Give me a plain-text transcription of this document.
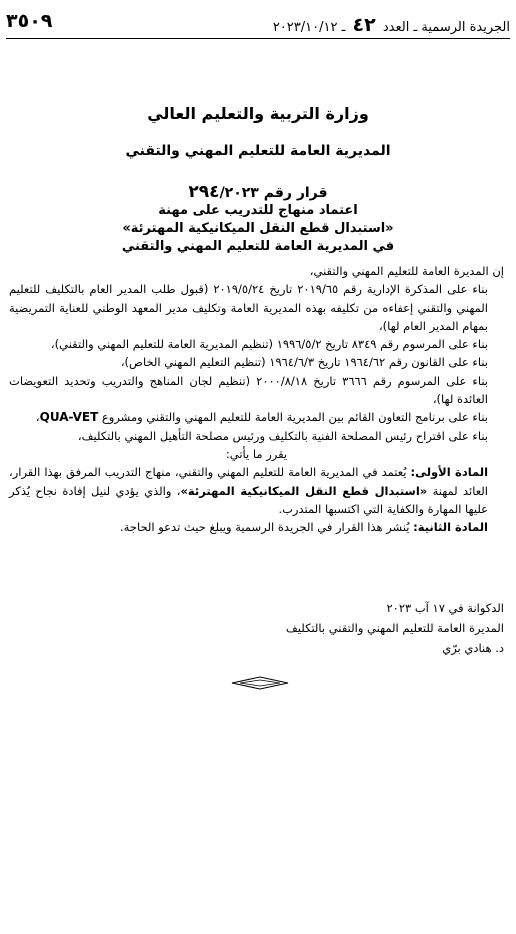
٣٥٠٩	الجريدة الرسمية ـ العدد ٤٢ ـ ٢٠٢٣/١٠/١٢
وزارة التربية والتعليم العالي
المديرية العامة للتعليم المهني والتقني
قرار رقم ٢٩٤/٢٠٢٣
اعتماد منهاج للتدريب على مهنة
«استبدال قطع النقل الميكانيكية المهترئة»
في المديرية العامة للتعليم المهني والتقني

إن المديرة العامة للتعليم المهني والتقني،

بناء على المذكرة الإدارية رقم ٢٠١٩/٦٥ تاريخ ٢٠١٩/٥/٢٤ (قبول طلب المدير العام بالتكليف للتعليم المهني والتقني إعفاءه من تكليفه بهذه المديرية العامة وتكليف مدير المعهد الوطني للعناية التمريضية بمهام المدير العام لها)،

بناء على المرسوم رقم ٨٣٤٩ تاريخ ١٩٩٦/٥/٢ (تنظيم المديرية العامة للتعليم المهني والتقني)،

بناء على القانون رقم ١٩٦٤/٦٢ تاريخ ١٩٦٤/٦/٣ (تنظيم التعليم المهني الخاص)،

بناء على المرسوم رقم ٣٦٦٦ تاريخ ٢٠٠٠/٨/١٨ (تنظيم لجان المناهج والتدريب وتحديد التعويضات العائدة لها)،

بناء على برنامج التعاون القائم بين المديرية العامة للتعليم المهني والتقني ومشروع QUA-VET،

بناء على اقتراح رئيس المصلحة الفنية بالتكليف ورئيس مصلحة التأهيل المهني بالتكليف،

يقرر ما يأتي:

المادة الأولى: يُعتمد في المديرية العامة للتعليم المهني والتقني، منهاج التدريب المرفق بهذا القرار، العائد لمهنة «استبدال قطع النقل الميكانيكية المهترئة»، والذي يؤدي لنيل إفادة نجاح يُذكر عليها المهارة والكفاية التي اكتسبها المتدرب.

المادة الثانية: يُنشر هذا القرار في الجريدة الرسمية ويبلغ حيث تدعو الحاجة.

الدكوانة في ١٧ آب ٢٠٢٣
المديرة العامة للتعليم المهني والتقني بالتكليف
د. هنادي برّي
